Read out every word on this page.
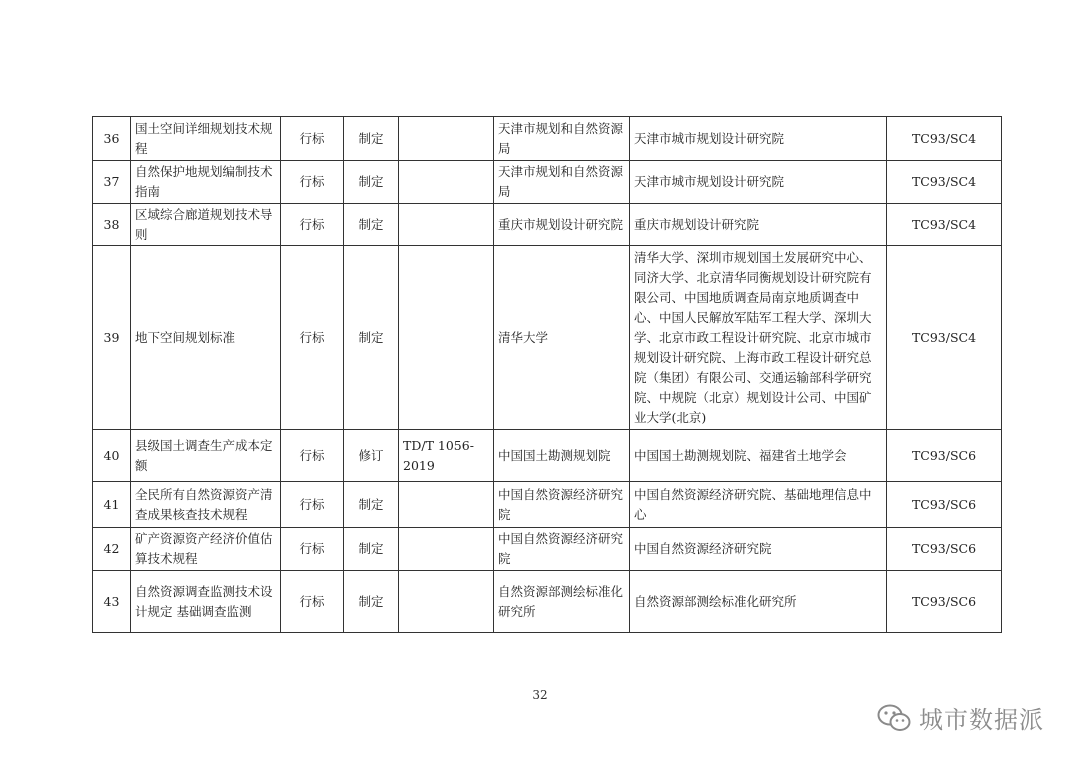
36	国土空间详细规划技术规程	行标	制定		天津市规划和自然资源局	天津市城市规划设计研究院	TC93/SC4
37	自然保护地规划编制技术指南	行标	制定		天津市规划和自然资源局	天津市城市规划设计研究院	TC93/SC4
38	区域综合廊道规划技术导则	行标	制定		重庆市规划设计研究院	重庆市规划设计研究院	TC93/SC4
39	地下空间规划标准	行标	制定		清华大学	清华大学、深圳市规划国土发展研究中心、同济大学、北京清华同衡规划设计研究院有限公司、中国地质调查局南京地质调查中心、中国人民解放军陆军工程大学、深圳大学、北京市政工程设计研究院、北京市城市规划设计研究院、上海市政工程设计研究总院（集团）有限公司、交通运输部科学研究院、中规院（北京）规划设计公司、中国矿业大学(北京)	TC93/SC4
40	县级国土调查生产成本定额	行标	修订	TD/T 1056-2019	中国国土勘测规划院	中国国土勘测规划院、福建省土地学会	TC93/SC6
41	全民所有自然资源资产清查成果核查技术规程	行标	制定		中国自然资源经济研究院	中国自然资源经济研究院、基础地理信息中心	TC93/SC6
42	矿产资源资产经济价值估算技术规程	行标	制定		中国自然资源经济研究院	中国自然资源经济研究院	TC93/SC6
43	自然资源调查监测技术设计规定 基础调查监测	行标	制定		自然资源部测绘标准化研究所	自然资源部测绘标准化研究所	TC93/SC6
32
城市数据派
